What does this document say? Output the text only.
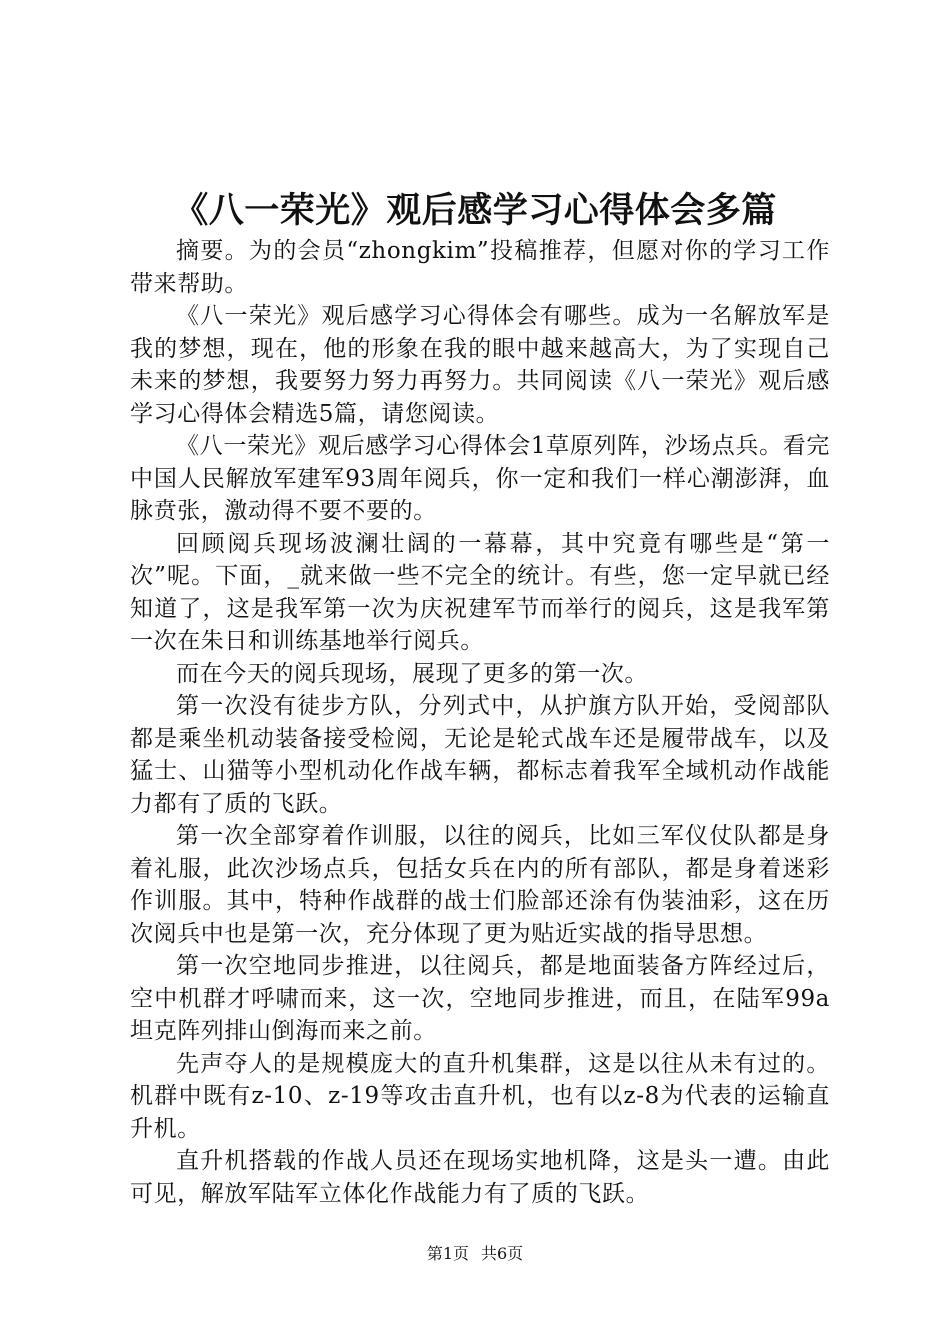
《八一荣光》观后感学习心得体会多篇

摘要。为的会员“zhongkim”投稿推荐，但愿对你的学习工作带来帮助。

《八一荣光》观后感学习心得体会有哪些。成为一名解放军是我的梦想，现在，他的形象在我的眼中越来越高大，为了实现自己未来的梦想，我要努力努力再努力。共同阅读《八一荣光》观后感学习心得体会精选5篇，请您阅读。

《八一荣光》观后感学习心得体会1草原列阵，沙场点兵。看完中国人民解放军建军93周年阅兵，你一定和我们一样心潮澎湃，血脉贲张，激动得不要不要的。

回顾阅兵现场波澜壮阔的一幕幕，其中究竟有哪些是“第一次”呢。下面，_就来做一些不完全的统计。有些，您一定早就已经知道了，这是我军第一次为庆祝建军节而举行的阅兵，这是我军第一次在朱日和训练基地举行阅兵。

而在今天的阅兵现场，展现了更多的第一次。

第一次没有徒步方队，分列式中，从护旗方队开始，受阅部队都是乘坐机动装备接受检阅，无论是轮式战车还是履带战车，以及猛士、山猫等小型机动化作战车辆，都标志着我军全域机动作战能力都有了质的飞跃。

第一次全部穿着作训服，以往的阅兵，比如三军仪仗队都是身着礼服，此次沙场点兵，包括女兵在内的所有部队，都是身着迷彩作训服。其中，特种作战群的战士们脸部还涂有伪装油彩，这在历次阅兵中也是第一次，充分体现了更为贴近实战的指导思想。

第一次空地同步推进，以往阅兵，都是地面装备方阵经过后，空中机群才呼啸而来，这一次，空地同步推进，而且，在陆军99a坦克阵列排山倒海而来之前。

先声夺人的是规模庞大的直升机集群，这是以往从未有过的。机群中既有z-10、z-19等攻击直升机，也有以z-8为代表的运输直升机。

直升机搭载的作战人员还在现场实地机降，这是头一遭。由此可见，解放军陆军立体化作战能力有了质的飞跃。

第1页 共6页
